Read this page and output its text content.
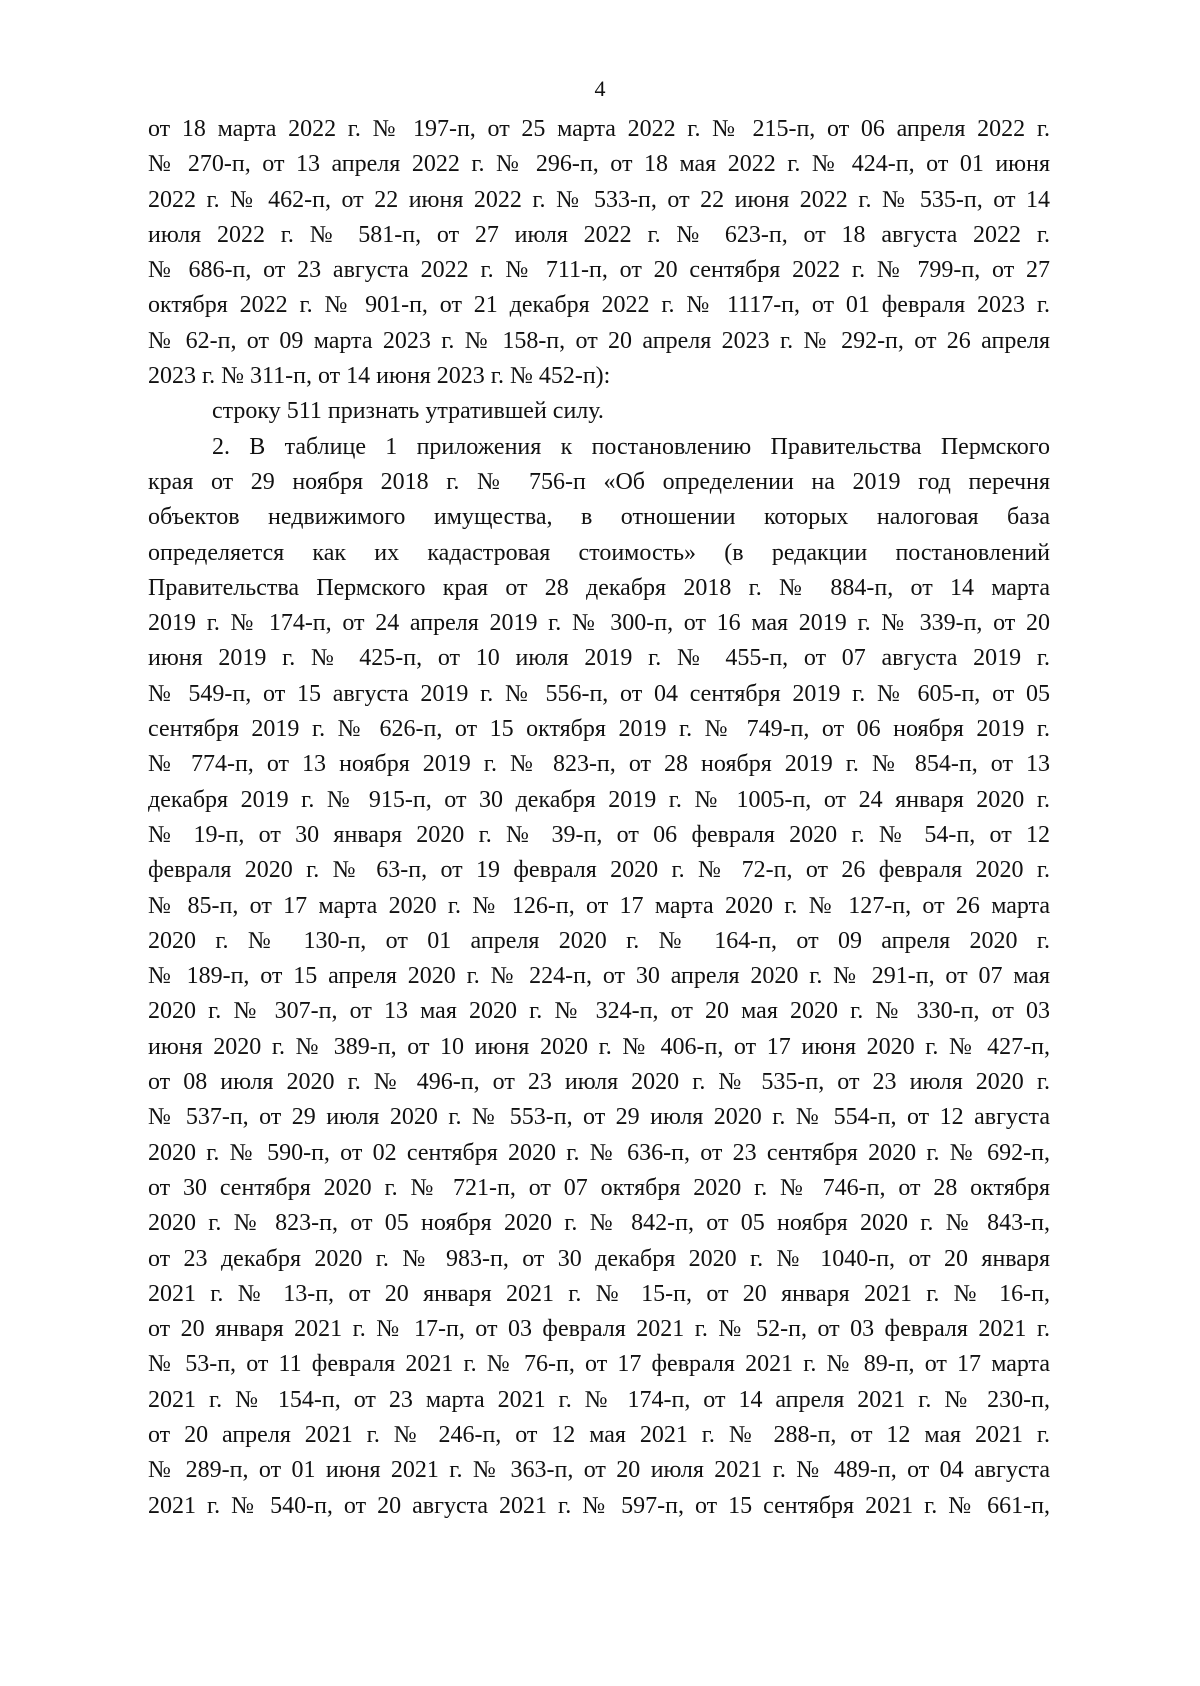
4
от 18 марта 2022 г. № 197-п, от 25 марта 2022 г. № 215-п, от 06 апреля 2022 г.
№ 270-п, от 13 апреля 2022 г. № 296-п, от 18 мая 2022 г. № 424-п, от 01 июня
2022 г. № 462-п, от 22 июня 2022 г. № 533-п, от 22 июня 2022 г. № 535-п, от 14
июля 2022 г. № 581-п, от 27 июля 2022 г. № 623-п, от 18 августа 2022 г.
№ 686-п, от 23 августа 2022 г. № 711-п, от 20 сентября 2022 г. № 799-п, от 27
октября 2022 г. № 901-п, от 21 декабря 2022 г. № 1117-п, от 01 февраля 2023 г.
№ 62-п, от 09 марта 2023 г. № 158-п, от 20 апреля 2023 г. № 292-п, от 26 апреля
2023 г. № 311-п, от 14 июня 2023 г. № 452-п):
строку 511 признать утратившей силу.
2. В таблице 1 приложения к постановлению Правительства Пермского
края от 29 ноября 2018 г. № 756-п «Об определении на 2019 год перечня
объектов недвижимого имущества, в отношении которых налоговая база
определяется как их кадастровая стоимость» (в редакции постановлений
Правительства Пермского края от 28 декабря 2018 г. № 884-п, от 14 марта
2019 г. № 174-п, от 24 апреля 2019 г. № 300-п, от 16 мая 2019 г. № 339-п, от 20
июня 2019 г. № 425-п, от 10 июля 2019 г. № 455-п, от 07 августа 2019 г.
№ 549-п, от 15 августа 2019 г. № 556-п, от 04 сентября 2019 г. № 605-п, от 05
сентября 2019 г. № 626-п, от 15 октября 2019 г. № 749-п, от 06 ноября 2019 г.
№ 774-п, от 13 ноября 2019 г. № 823-п, от 28 ноября 2019 г. № 854-п, от 13
декабря 2019 г. № 915-п, от 30 декабря 2019 г. № 1005-п, от 24 января 2020 г.
№ 19-п, от 30 января 2020 г. № 39-п, от 06 февраля 2020 г. № 54-п, от 12
февраля 2020 г. № 63-п, от 19 февраля 2020 г. № 72-п, от 26 февраля 2020 г.
№ 85-п, от 17 марта 2020 г. № 126-п, от 17 марта 2020 г. № 127-п, от 26 марта
2020 г. № 130-п, от 01 апреля 2020 г. № 164-п, от 09 апреля 2020 г.
№ 189-п, от 15 апреля 2020 г. № 224-п, от 30 апреля 2020 г. № 291-п, от 07 мая
2020 г. № 307-п, от 13 мая 2020 г. № 324-п, от 20 мая 2020 г. № 330-п, от 03
июня 2020 г. № 389-п, от 10 июня 2020 г. № 406-п, от 17 июня 2020 г. № 427-п,
от 08 июля 2020 г. № 496-п, от 23 июля 2020 г. № 535-п, от 23 июля 2020 г.
№ 537-п, от 29 июля 2020 г. № 553-п, от 29 июля 2020 г. № 554-п, от 12 августа
2020 г. № 590-п, от 02 сентября 2020 г. № 636-п, от 23 сентября 2020 г. № 692-п,
от 30 сентября 2020 г. № 721-п, от 07 октября 2020 г. № 746-п, от 28 октября
2020 г. № 823-п, от 05 ноября 2020 г. № 842-п, от 05 ноября 2020 г. № 843-п,
от 23 декабря 2020 г. № 983-п, от 30 декабря 2020 г. № 1040-п, от 20 января
2021 г. № 13-п, от 20 января 2021 г. № 15-п, от 20 января 2021 г. № 16-п,
от 20 января 2021 г. № 17-п, от 03 февраля 2021 г. № 52-п, от 03 февраля 2021 г.
№ 53-п, от 11 февраля 2021 г. № 76-п, от 17 февраля 2021 г. № 89-п, от 17 марта
2021 г. № 154-п, от 23 марта 2021 г. № 174-п, от 14 апреля 2021 г. № 230-п,
от 20 апреля 2021 г. № 246-п, от 12 мая 2021 г. № 288-п, от 12 мая 2021 г.
№ 289-п, от 01 июня 2021 г. № 363-п, от 20 июля 2021 г. № 489-п, от 04 августа
2021 г. № 540-п, от 20 августа 2021 г. № 597-п, от 15 сентября 2021 г. № 661-п,
